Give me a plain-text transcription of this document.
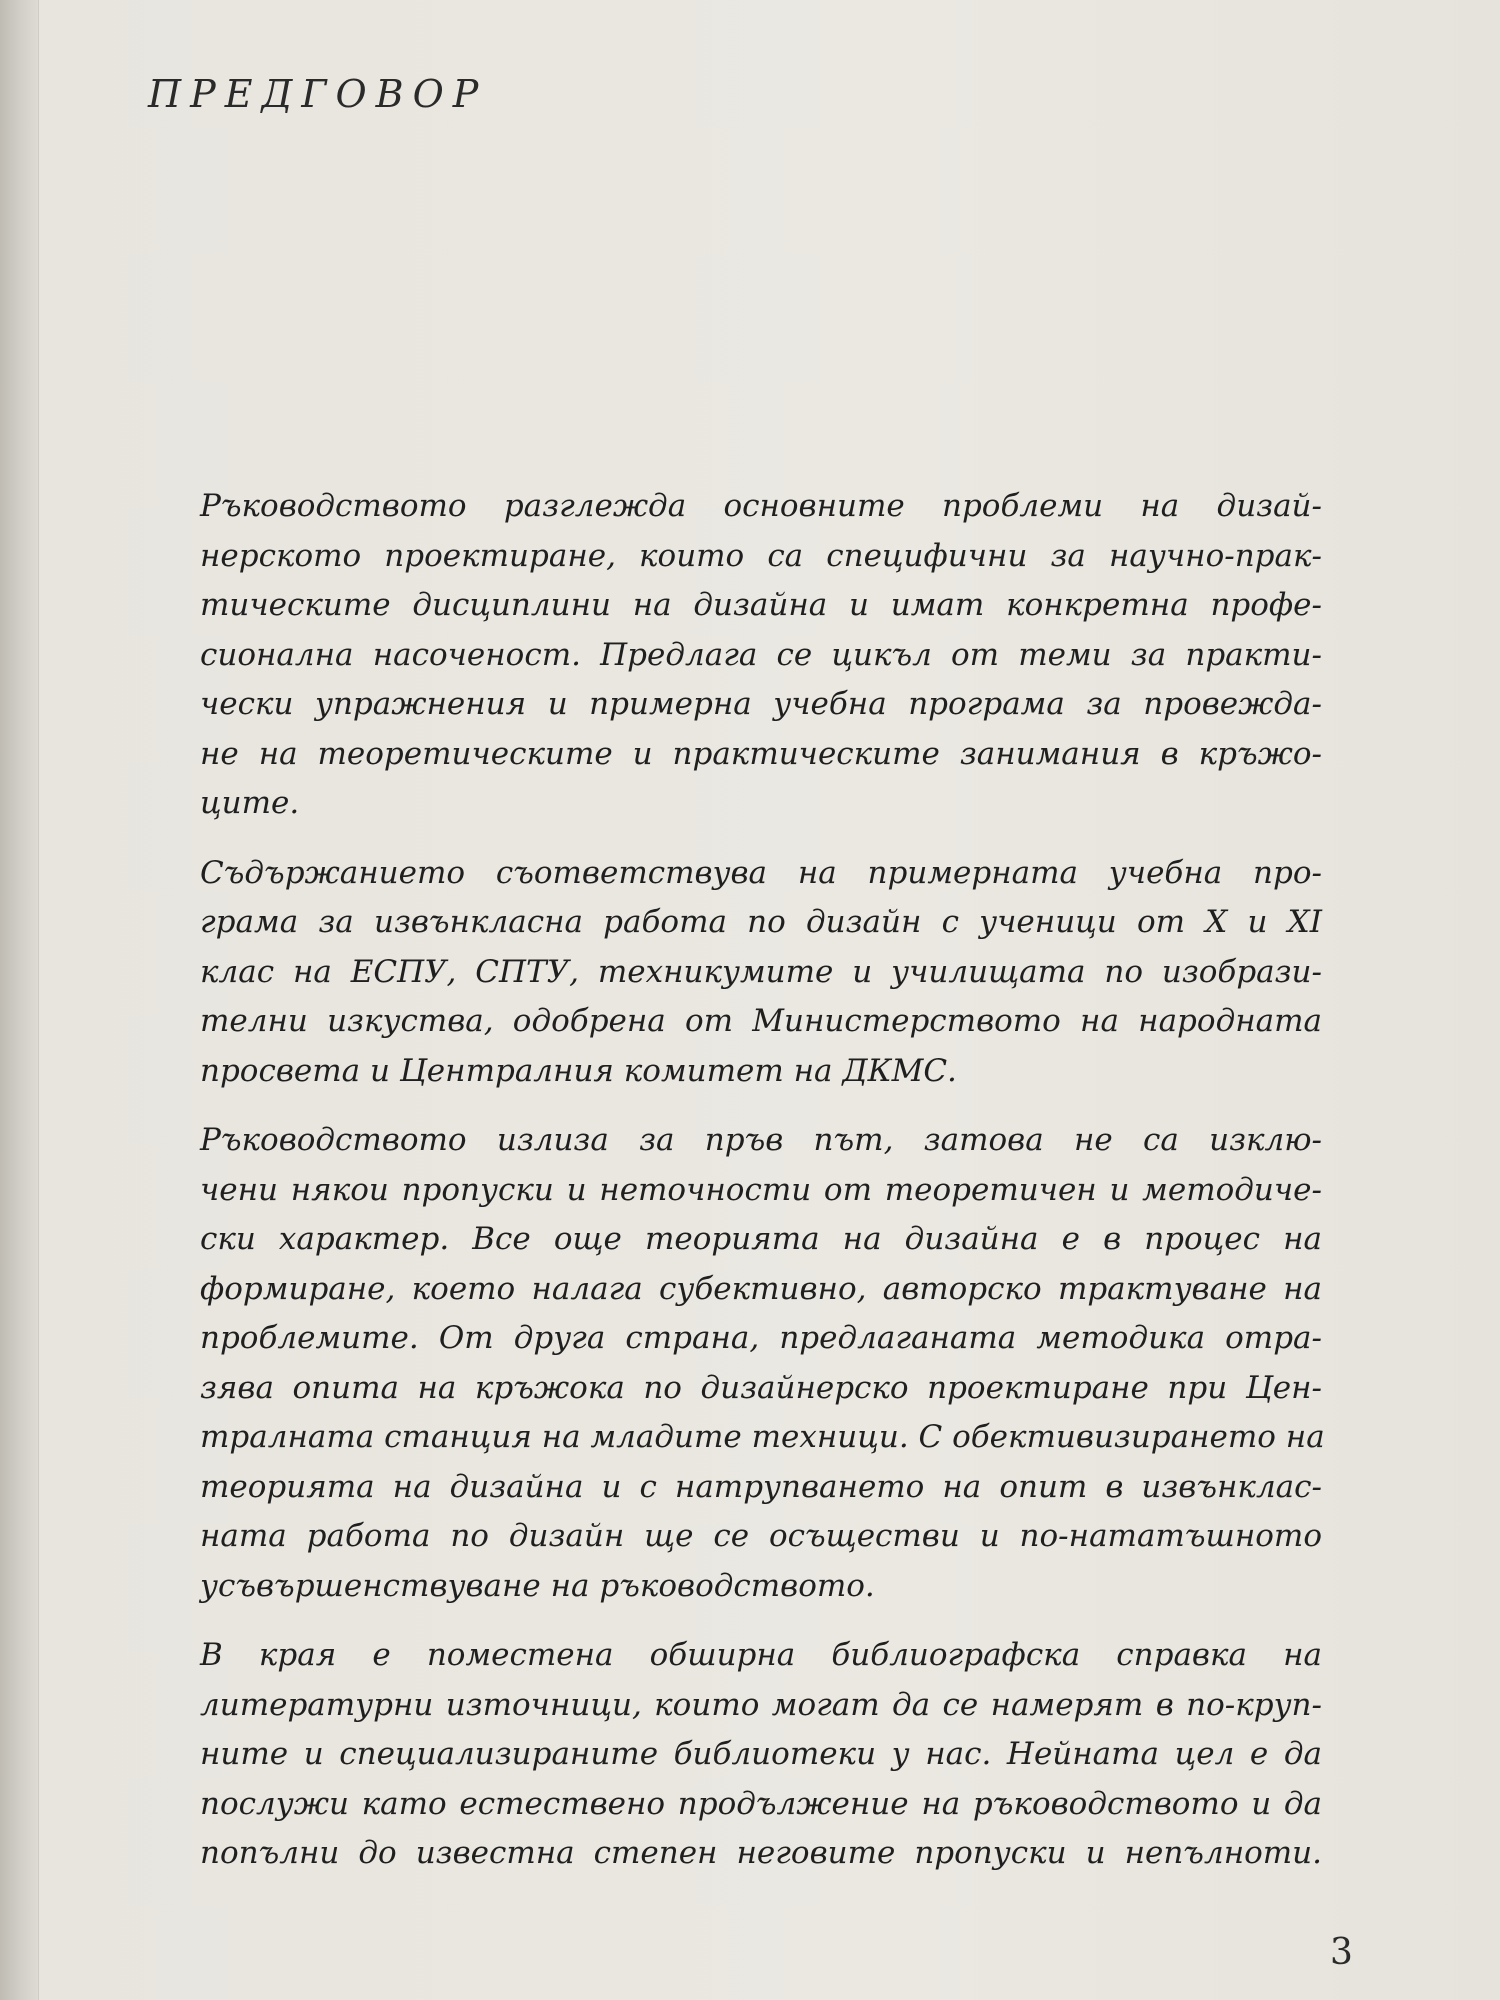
ПРЕДГОВОР
Ръководството разглежда основните проблеми на дизай-
нерското проектиране, които са специфични за научно-прак-
тическите дисциплини на дизайна и имат конкретна профе-
сионална насоченост. Предлага се цикъл от теми за практи-
чески упражнения и примерна учебна програма за провежда-
не на теоретическите и практическите занимания в кръжо-
ците.
Съдържанието съответствува на примерната учебна про-
грама за извънкласна работа по дизайн с ученици от X и XI
клас на ЕСПУ, СПТУ, техникумите и училищата по изобрази-
телни изкуства, одобрена от Министерството на народната
просвета и Централния комитет на ДКМС.
Ръководството излиза за пръв път, затова не са изклю-
чени някои пропуски и неточности от теоретичен и методиче-
ски характер. Все още теорията на дизайна е в процес на
формиране, което налага субективно, авторско трактуване на
проблемите. От друга страна, предлаганата методика отра-
зява опита на кръжока по дизайнерско проектиране при Цен-
тралната станция на младите техници. С обективизирането на
теорията на дизайна и с натрупването на опит в извънклас-
ната работа по дизайн ще се осъществи и по-нататъшното
усъвършенствуване на ръководството.
В края е поместена обширна библиографска справка на
литературни източници, които могат да се намерят в по-круп-
ните и специализираните библиотеки у нас. Нейната цел е да
послужи като естествено продължение на ръководството и да
попълни до известна степен неговите пропуски и непълноти.
3
